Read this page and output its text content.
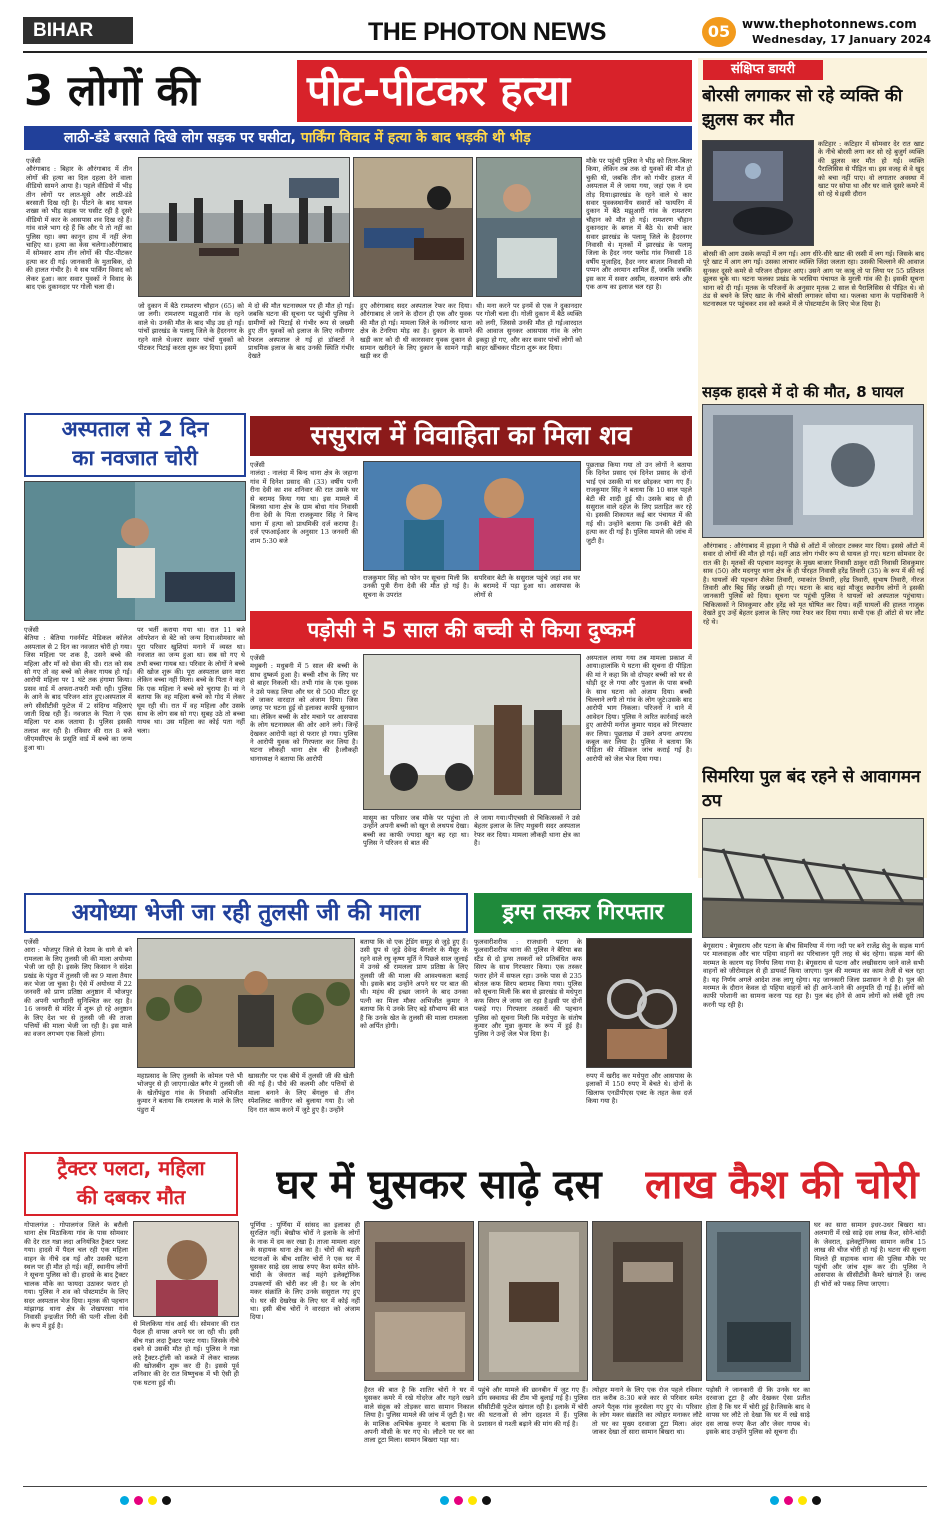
BIHAR	THE PHOTON NEWS	05 www.thephotonnews.com
Wednesday, 17 January 2024
3 लोगों की	पीट-पीटकर हत्या
लाठी-डंडे बरसाते दिखे लोग सड़क पर घसीटा, पार्किंग विवाद में हत्या के बाद भड़की थी भीड़
एजेंसी
औरंगाबाद : बिहार के औरंगाबाद में तीन लोगों की हत्या का दिल दहला देने वाला वीडियो सामने आया है। पहले वीडियो में भीड़ तीन लोगों पर लात-घूसे और लाठी-डंडे बरसाती दिख रही है। पीटने के बाद घायल शख्स को भीड़ सड़क पर घसीट रही है दूसरे वीडियो में कार के आसपास शव दिख रहे हैं। गांव वाले भाग रहे हैं कि और पे तो नहीं का पुलिस रहा। क्या कानून हाथ में नहीं लेना चाहिए था। हत्या का केस चलेगा।औरंगाबाद में सोमवार शाम तीन लोगों की पीट-पीटकर हत्या कर दी गई। जानकारी के मुताबिक, दो की हालत गंभीर है। ये सब पार्किंग विवाद को लेकर हुआ। कार सवार युवकों ने विवाद के बाद एक दुकानदार पर गोली चला दी।
जो दुकान में बैठे रामशरण चौहान (65) को जा लगी। रामशरण मझुआरी गांव के रहने वाले थे। उनकी मौत के बाद भीड़ उग्र हो गई। पांचों झारखंड के पलामू जिले के हैदरनगर के रहने वाले थे।कार सवार पांचों युवकों को पीटकर पिटाई करता शुरू कर दिया। इसमें
मे दो की मौत घटनास्थल पर ही मौत हो गई। जबकि घटना की सूचना पर पहुंची पुलिस ने ग्रामीणों को पिटाई से गंभीर रूप से जख्मी हुए तीन युवकों को इलाज के लिए नवीनगर रेफरल अस्पताल ले गई हां डॉक्टरों ने प्राथमिक इलाज के बाद उनकी स्थिति गंभीर देखते
हुए औरंगाबाद सदर अस्पताल रेफर कर दिया। औरंगाबाद ले जाने के दौरान ही एक और युवक की मौत हो गई। मामला जिले के नवीनगर थाना क्षेत्र के टेनरिया मोड़ का है। दुकान के सामने खड़ी कार को दी थी कारसवार युवक दुकान से सामान खरीदने के लिए दुकान के सामने गाड़ी खड़ी कर दी
थी। मना करने पर इनमें से एक ने दुकानदार पर गोली चला दी। गोली दुकान में बैठे व्यक्ति को लगी, जिससे उनकी मौत हो गई।वारदात की आवाज सुनकर आसपास गांव के लोग इकट्ठा हो गए, और कार सवार पांचों लोगों को बाहर खींचकर पीटना शुरू कर दिया।
मौके पर पहुंची पुलिस ने भीड़ को तितर-बितर किया, लेकिन तब तक दो युवकों की मौत हो चुकी थी, जबकि तीन को गंभीर हालत में अस्पताल में ले जाया गया, जहां एक ने दम तोड़ दिया।झारखंड के रहने वाले थे कार सवार युवकस्थानीय सवारों को फायरिंग में दुकान में बैठे मझुआरी गांव के रामशरण चौहान को मौत हो गई। रामशरण चौहान दुकानदार के बगल में बैठे थे। सभी कार सवार झारखंड के पलामू जिले के हैदरनगर निवासी थे। मृतकों में झारखंड के पलामू जिला के हैदर नगर फ्लोंड गांव निवासी 18 वर्षीय मुजाहिद, हैदर नगर बाजार निवासी मो पप्पन और अरमान शामिल हैं, जबकि जबकि इस कार में सवार असीम, सलमान सर्फ और एक अन्य का इलाज चल रहा है।
संक्षिप्त डायरी
बोरसी लगाकर सो रहे व्यक्ति की झुलस कर मौत
कटिहार : कटिहार में सोमवार देर रात खाट के नीचे बोरसी लगा कर सो रहे बुजुर्ग व्यक्ति की झुलस कर मौत हो गई। व्यक्ति पैरालिसिस से पीड़ित था। इस वजह से वे खुद को बचा नहीं पाए। वो लगातार अवस्था में खाट पर सोया था और घर वाले दूसरे कमरे में सो रहे थे।इसी दौरान
बोरसी की आग उसके कपड़ों में लग गई। आग धीरे-धीरे खाट की रस्सी में लग गई। जिसके बाद पूरे खाट में आग लग गई। उसका लाचार व्यक्ति जिंदा जलता रहा। उसकी चिल्लाने की आवाज सुनकर दूसरे कमरे से परिजन दौड़कर आए। उसने आग पर काबू तो पा लिया पर 55 प्रतिशत झुलस चुके था। घटना फलका प्रखंड के भरसिया पंचायत के मुरली गांव की है। इसकी सूचना थाना को दी गई। मृतक के परिजनों के अनुसार मृतक 2 साल से पैरालिसिस से पीड़ित थे। वो ठंड से बचने के लिए खाट के नीचे बोरसी लगाकर सोया था। फलका थाना के पदाधिकारी ने घटनास्थल पर पहुंचकर शव को कब्जे में ले पोस्टमार्टम के लिए भेज दिया है।
सड़क हादसे में दो की मौत, 8 घायल
औरंगाबाद : औरंगाबाद में हाइवा ने पीछे से ऑटो में जोरदार टक्कर मार दिया। इससे ऑटो में सवार दो लोगों की मौत हो गई। वहीं आठ लोग गंभीर रूप से घायल हो गए। घटना सोमवार देर रात की है। मृतकों की पहचान मदनपुर के मुख्य बाजार निवासी ठाकुर राठी निवासी शिवकुमार साव (50) और मदनपुर थाना क्षेत्र के ही पोरहत निवासी हरेंद्र तिवारी (35) के रूप में की गई है। घायलों की पहचान शैलेश तिवारी, रमाकांत तिवारी, हरेंद्र तिवारी, सुभाष तिवारी, नीरज तिवारी और बिट्टू सिंह जख्मी हो गए। घटना के बाद वहां मौजूद स्थानीय लोगों ने इसकी जानकारी पुलिस को दिया। सूचना पर पहुंची पुलिस ने घायलों को अस्पताल पहुंचाया। चिकित्सकों ने शिवकुमार और हरेंद्र को मृत घोषित कर दिया। वहीं घायलों की हालत नाजुक देखते हुए उन्हें बेहतर इलाज के लिए गया रेफर कर दिया गया। सभी एक ही ऑटो से घर लौट रहे थे।
सिमरिया पुल बंद रहने से आवागमन ठप
बेगूसराय : बेगूसराय और पटना के बीच सिमरिया में गंगा नदी पर बने राजेंद्र सेतु के सड़क मार्ग पर मालवाहक और चार पहिया वाहनों का परिचालन पूरी तरह से बंद रहेगा। सड़क मार्ग की मरम्मत के कारण यह निर्णय लिया गया है। बेगूसराय से पटना और लखीसराय जाने वाले सभी वाहनों को जीरोमाइल से ही डायवर्ट किया जाएगा। पुल की मरम्मत का काम तेजी से चल रहा है। यह निर्णय अगले आदेश तक लागू रहेगा। यह जानकारी जिला प्रशासन ने दी है। पुल की मरम्मत के दौरान केवल दो पहिया वाहनों को ही आने-जाने की अनुमति दी गई है। लोगों को काफी परेशानी का सामना करना पड़ रहा है। पुल बंद होने से आम लोगों को लंबी दूरी तय करनी पड़ रही है।
अस्पताल से 2 दिन
का नवजात चोरी
एजेंसी
बेतिया : बेतिया गवर्नमेंट मेडिकल कॉलेज अस्पताल से 2 दिन का नवजात चोरी हो गया। जिस महिला पर शक है, उसने बच्चे की महिला और माँ को सेवा की थी। रात को सब सो गए तो वह बच्चे को लेकर गायब हो गई। आरोपी महिला पर 1 घंटे तक हंगामा किया। प्रसव वार्ड में अफरा-तफरी मची रही। पुलिस के आने के बाद परिजन शांत हुए।अस्पताल में लगे सीसीटीवी फुटेज में 2 संदिग्ध महिलाएं जाती दिख रही हैं। नवजात के पिता ने एक महिला पर शक जताया है। पुलिस इसकी तलाश कर रही है। रविवार की रात 8 बजे जीएमसीएच के प्रसूति वार्ड में बच्चे का जन्म हुआ था।
पर भर्ती कराया गया था। रात 11 बजे ऑपरेशन से बेटे को जन्म दिया।सोमवार को पूरा परिवार खुशियां मनाने में व्यस्त था। नवजात का जन्म हुआ था। सब सो गए थे तभी बच्चा गायब था। परिवार के लोगों ने बच्चे की खोज शुरू की। पूरा अस्पताल छान मारा लेकिन बच्चा नहीं मिला। बच्चे के पिता ने कहा कि एक महिला ने बच्चे को चुराया है। मां ने बताया कि वह महिला बच्चे को गोद में लेकर घूम रही थी। रात में वह महिला और उसके साथ के लोग सब सो गए। सुबह उठे तो बच्चा गायब था। उस महिला का कोई पता नहीं चला।
ससुराल में विवाहिता का मिला शव
एजेंसी
नालंदा : नालंदा में बिन्द थाना क्षेत्र के जहाना गांव में दिनेश प्रसाद की (33) वर्षीय पत्नी रीना देवी का शव शनिवार की रात उसके घर से बरामद किया गया था। इस मामले में बिलसा थाना क्षेत्र के ग्राम बोधा गांव निवासी रीना देवी के पिता राजकुमार सिंह ने बिन्द थाना में हत्या को प्राथमिकी दर्ज कराया है। दर्ज एफआईआर के अनुसार 13 जनवरी की शाम 5:30 बजे
राजकुमार सिंह को फोन पर सूचना मिली कि उनकी पुत्री रीना देवी की मौत हो गई है। सूचना के उपरांत
सपरिवार बेटी के ससुराल पहुंचे जहां शव घर के बरामदे में पड़ा हुआ था। आसपास के लोगों से
पूछताछ किया गया तो उन लोगों ने बताया कि दिनेश प्रसाद एवं दिनेश प्रसाद के दोनों भाई एवं उसकी मां घर छोड़कर भाग गए हैं।राजकुमार सिंह ने बताया कि 10 साल पहले बेटी की शादी हुई थी। उसके बाद से ही ससुराल वाले दहेज के लिए प्रताड़ित कर रहे थे। इसकी शिकायत कई बार पंचायत में की गई थी। उन्होंने बताया कि उनकी बेटी की हत्या कर दी गई है। पुलिस मामले की जांच में जुटी है।
पड़ोसी ने 5 साल की बच्ची से किया दुष्कर्म
एजेंसी
मधुबनी : मधुबनी में 5 साल की बच्ची के साथ दुष्कर्म हुआ है। बच्ची शौच के लिए घर से बाहर निकली थी। तभी गांव के एक युवक ने उसे पकड़ लिया और घर से 500 मीटर दूर ले जाकर वारदात को अंजाम दिया। जिस जगह पर घटना हुई वो इलाका काफी सुनसान था। लेकिन बच्ची के शोर मचाने पर आसपास के लोग घटनास्थल की ओर आने लगे। जिन्हें देखकर आरोपी वहां से फरार हो गया। पुलिस ने आरोपी युवक को गिरफ्तार कर लिया है। घटना लौकही थाना क्षेत्र की है।लौकही थानाध्यक्ष ने बताया कि आरोपी
मासूम का परिवार जब मौके पर पहुंचा तो उन्होंने अपनी बच्ची को खून से लथपथ देखा। बच्ची का काफी ज्यादा खून बह रहा था। पुलिस ने परिजन से बात की
ले जाया गया।पीएचसी से चिकित्सकों ने उसे बेहतर इलाज के लिए मधुबनी सदर अस्पताल रेफर कर दिया। मामला लौकही थाना क्षेत्र का है।
अस्पताल लाया गया तब मामला प्रकाश में आया।हालांकि ये घटना की सूचना दी पीड़िता की मां ने कहा कि वो दोपहर बच्ची को घर से थोड़ी दूर ले गया और पुआल के पास बच्ची के साथ घटना को अंजाम दिया। बच्ची चिल्लाने लगी तो गांव के लोग जुटे।उसके बाद आरोपी भाग निकला। परिजनों ने थाने में आवेदन दिया। पुलिस ने त्वरित कार्रवाई करते हुए आरोपी मनोज कुमार यादव को गिरफ्तार कर लिया। पूछताछ में उसने अपना अपराध कबूल कर लिया है। पुलिस ने बताया कि पीड़िता की मेडिकल जांच कराई गई है। आरोपी को जेल भेज दिया गया।
अयोध्या भेजी जा रही तुलसी जी की माला
एजेंसी
आरा : भोजपुर जिले से रेशम के धागे से बने रामलला के लिए तुलसी जी की माला अयोध्या भेजी जा रही है। इसके लिए किसान ने संदेश प्रखंड के पंडुरा में तुलसी जी का 9 माला तैयार कर भेजा जा चुका है। ऐसे में अयोध्या में 22 जनवरी को प्राण प्रतिष्ठा अनुष्ठान में भोजपुर की अपनी भागीदारी सुनिश्चित कर रहा है। 16 जनवरी से मंदिर में शुरू हो रहे अनुष्ठान के लिए देश भर से तुलसी जी की ताजा पत्तियों की माला भेजी जा रही है। इस माले का वजन लगभग एक किलो होगा।
महाप्रसाद के लिए तुलसी के कोमल पत्ते भी भोजपुर से ही जाएगा।खेत बगैर मे तुलसी जी के खेतोंपंडुरा गांव के निवासी अभिजीत कुमार ने बताया कि रामलला के माले के लिए पंडुरा में
खासतौर पर एक बीघे में तुलसी जी की खेती की गई है। पौधे की कलमी और पत्तियों से माला बनाने के लिए बेंगलुरु से तीन स्पेशलिस्ट कारीगर को बुलाया गया है। जो दिन रात काम करने में जुटे हुए है। उन्होंने
बताया कि वो एक ट्रेडिंग समूह से जुड़े हुए हैं। उसी ग्रुप से जुड़े देवेन्द्र बैंगलोर के मैसूर के रहने वाले रघु कृष्ण मूर्ति ने पिछले साल जुलाई में उनसे श्री रामलला प्राण प्रतिष्ठा के लिए तुलसी जी की माला की आवश्यकता बताई थी। इसके बाद उन्होंने अपने घर पर बात की थी। महंथ की इच्छा जानने के बाद उनका पत्नी का मिला मौका अभिजीत कुमार ने बताया कि ये उनके लिए बड़े सौभाग्य की बात है कि उनके खेत के तुलसी की माला रामलला को अर्पित होगी।
ड्रग्स तस्कर गिरफ्तार
फुलवारीशरीफ : राजधानी पटना के फुलवारीशरीफ थाना की पुलिस ने बैरिया बस स्टैंड से दो ड्रग्स तस्करों को प्रतिबंधित कफ सिरप के साथ गिरफ्तार किया। एक तस्कर फरार होने में सफल रहा। उनके पास से 235 बोतल कफ सिरप बरामद किया गया। पुलिस को सूचना मिली कि बस से झारखंड से मधेपुरा कफ सिरप ले जाया जा रहा है।इसी पर दोनों पकड़े गए। गिरफ्तार तस्करों की पहचान पुलिस को सूचना मिली कि मधेपुरा के संतोष कुमार और मुन्ना कुमार के रूप में हुई है। पुलिस ने उन्हें जेल भेज दिया है।
रुपए में खरीद कर मधेपुरा और आसपास के इलाकों में 150 रुपए में बेचते थे। दोनों के खिलाफ एनडीपीएस एक्ट के तहत केस दर्ज किया गया है।
ट्रैक्टर पलटा, महिला
की दबकर मौत
गोपालगंज : गोपालगंज जिले के बरौली थाना क्षेत्र मिठाकिया गांव के पास सोमवार की देर रात गन्ना लदा अनियंत्रित ट्रैक्टर पलट गया। हादसे में पैदल चल रही एक महिला वाहन के नीचे दब गई और उसकी घटना स्थल पर ही मौत हो गई। वहीं, स्थानीय लोगों ने सूचना पुलिस को दी। हादसे के बाद ट्रैक्टर चालक मौके का फायदा उठाकर फरार हो गया। पुलिस ने शव को पोस्टमार्टम के लिए सदर अस्पताल भेज दिया। मृतक की पहचान मांझागढ़ थाना क्षेत्र के शेखपरसा गांव निवासी इन्द्रजीत गिरी की पत्नी शीला देवी के रूप में हुई है।	से मिलकिया गांव आई थी। सोमवार की रात पैदल ही वापस अपने घर जा रही थी। इसी बीच गन्ना लदा ट्रैक्टर पलट गया। जिसके नीचे दबने से उसकी मौत हो गई। पुलिस ने गन्ना लदे ट्रैक्टर-ट्रॉली को कब्जे में लेकर चालक की खोजबीन शुरू कर दी है। इससे पूर्व शनिवार की देर रात विष्णुचक में भी ऐसी ही एक घटना हुई थी।
घर में घुसकर साढ़े दस	लाख कैश की चोरी
पूर्णिया : पूर्णिया में सांसद का इलाका ही सुरक्षित नहीं। बेखौफ चोरों ने इलाके के लोगों के नाक में दम कर रखा है। ताजा मामला शहर के सहायक थाना क्षेत्र का है। चोरों की बढ़ती घटनाओं के बीच शातिर चोरों ने एक घर में घुसकर साढ़े दस लाख रुपए कैश समेत सोने-चांदी के जेवरात कई महंगे इलेक्ट्रॉनिक उपकरणों की चोरी कर ली है। घर के लोग मकर संक्रांति के लिए उनके ससुराल गए हुए थे। घर की देखरेख के लिए घर में कोई नहीं था। इसी बीच चोरों ने वारदात को अंजाम दिया।
हैरत की बात है कि शातिर चोरों ने घर में घुसकर कमरे में रखे गोदरेज और गहने रखने वाले संदूक को तोड़कर सारा सामान निकाल लिया है। पुलिस मामले की जांच में जुटी है। घर के मालिक अभिषेक कुमार ने बताया कि वे अपनी मौसी के घर गए थे। लौटने पर घर का ताला टूटा मिला। सामान बिखरा पड़ा था।
पहुंचे और मामले की छानबीन में जुट गए हैं।डॉग स्क्वायड की टीम भी बुलाई गई है। पुलिस सीसीटीवी फुटेज खंगाल रही है। इलाके में चोरी की घटनाओं से लोग दहशत में हैं। पुलिस प्रशासन से गश्ती बढ़ाने की मांग की गई है।
त्योहार मनाने के लिए एक रोज पहले रविवार रात करीब 8:30 बजे कार से परिवार समेत अपने पैतृक गांव कुरसेला गए हुए थे। परिवार के लोग मकर संक्रांति का त्योहार मनाकर लौटे तो घर का मुख्य दरवाजा टूटा मिला। अंदर जाकर देखा तो सारा सामान बिखरा था।
पड़ोसी ने जानकारी दी कि उनके घर का दरवाजा टूटा है और देखकर ऐसा प्रतीत होता है कि घर में चोरी हुई है।जिसके बाद वे वापस घर लौटे तो देखा कि घर में रखे साढ़े दस लाख रुपए कैश और जेवर गायब थे। इसके बाद उन्होंने पुलिस को सूचना दी।
घर का सारा सामान इधर-उधर बिखरा था। अलमारी में रखे साढ़े दस लाख कैश, सोने-चांदी के जेवरात, इलेक्ट्रॉनिक्स सामान करीब 15 लाख की चीज चोरी हो गई है। घटना की सूचना मिलते ही सहायक थाना की पुलिस मौके पर पहुंची और जांच शुरू कर दी। पुलिस ने आसपास के सीसीटीवी कैमरे खंगाले हैं। जल्द ही चोरों को पकड़ लिया जाएगा।
